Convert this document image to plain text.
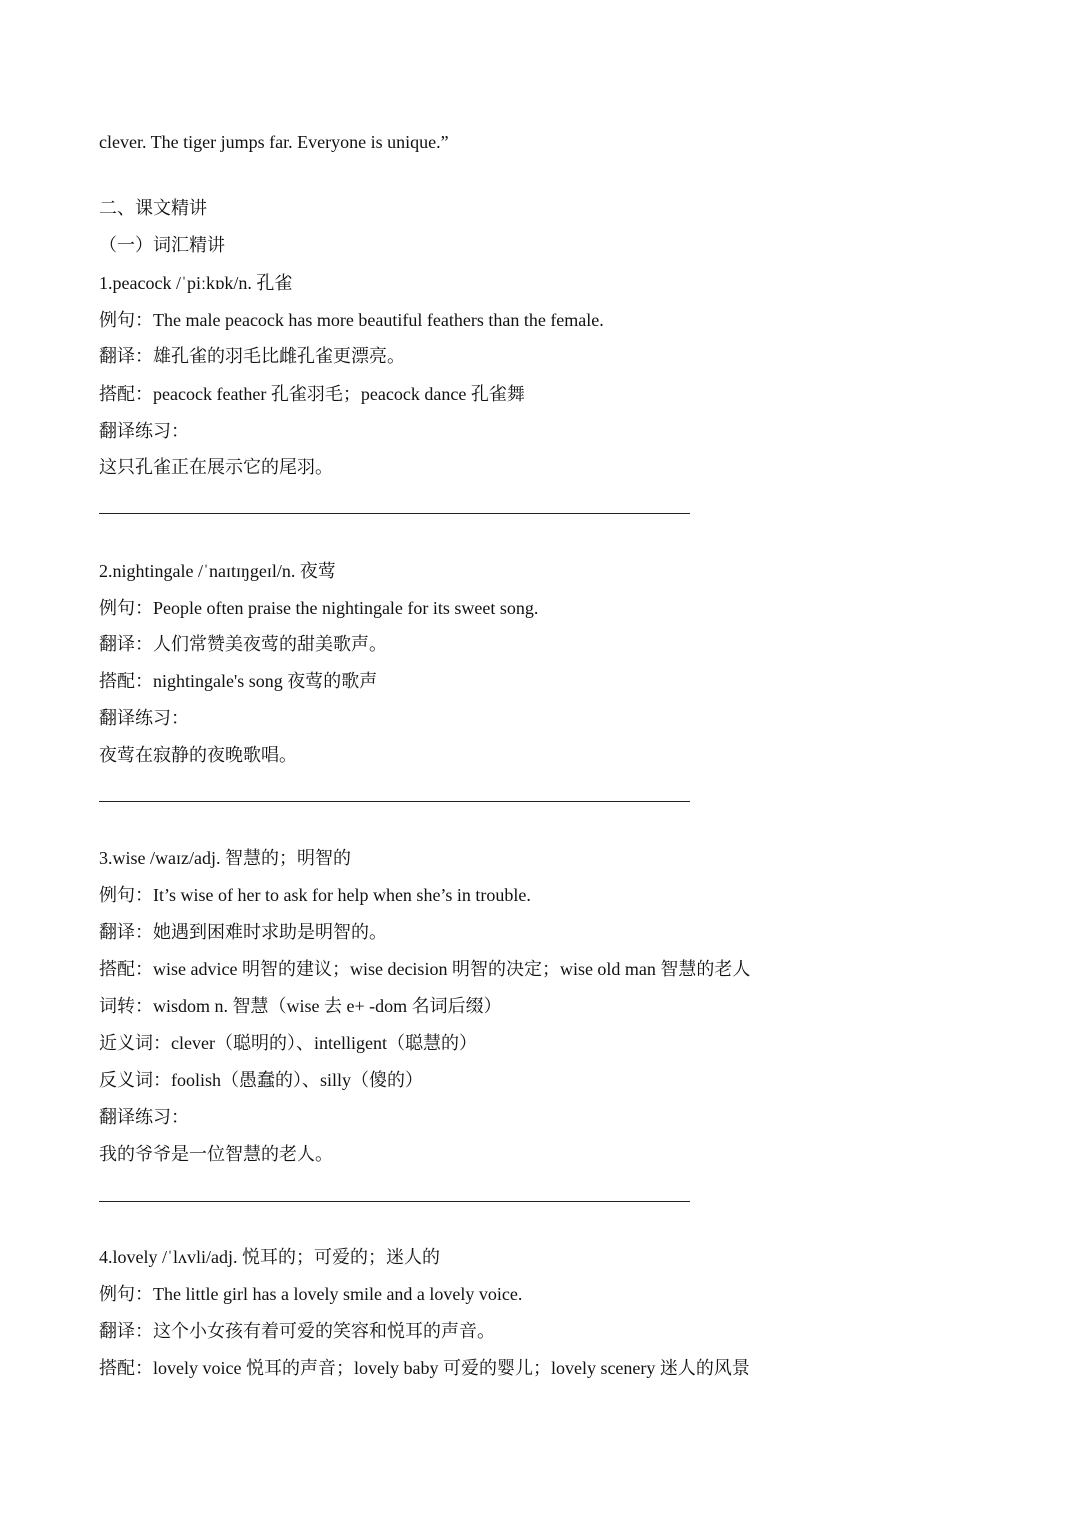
clever. The tiger jumps far. Everyone is unique.”
二、课文精讲
（一）词汇精讲
1.peacock /ˈpiːkɒk/n. 孔雀
例句：The male peacock has more beautiful feathers than the female.
翻译：雄孔雀的羽毛比雌孔雀更漂亮。
搭配：peacock feather 孔雀羽毛；peacock dance 孔雀舞
翻译练习：
这只孔雀正在展示它的尾羽。
2.nightingale /ˈnaɪtɪŋgeɪl/n. 夜莺
例句：People often praise the nightingale for its sweet song.
翻译：人们常赞美夜莺的甜美歌声。
搭配：nightingale's song 夜莺的歌声
翻译练习：
夜莺在寂静的夜晚歌唱。
3.wise /waɪz/adj. 智慧的；明智的
例句：It’s wise of her to ask for help when she’s in trouble.
翻译：她遇到困难时求助是明智的。
搭配：wise advice 明智的建议；wise decision 明智的决定；wise old man 智慧的老人
词转：wisdom n. 智慧（wise 去 e+ -dom 名词后缀）
近义词：clever（聪明的）、intelligent（聪慧的）
反义词：foolish（愚蠢的）、silly（傻的）
翻译练习：
我的爷爷是一位智慧的老人。
4.lovely /ˈlʌvli/adj. 悦耳的；可爱的；迷人的
例句：The little girl has a lovely smile and a lovely voice.
翻译：这个小女孩有着可爱的笑容和悦耳的声音。
搭配：lovely voice 悦耳的声音；lovely baby 可爱的婴儿；lovely scenery 迷人的风景
